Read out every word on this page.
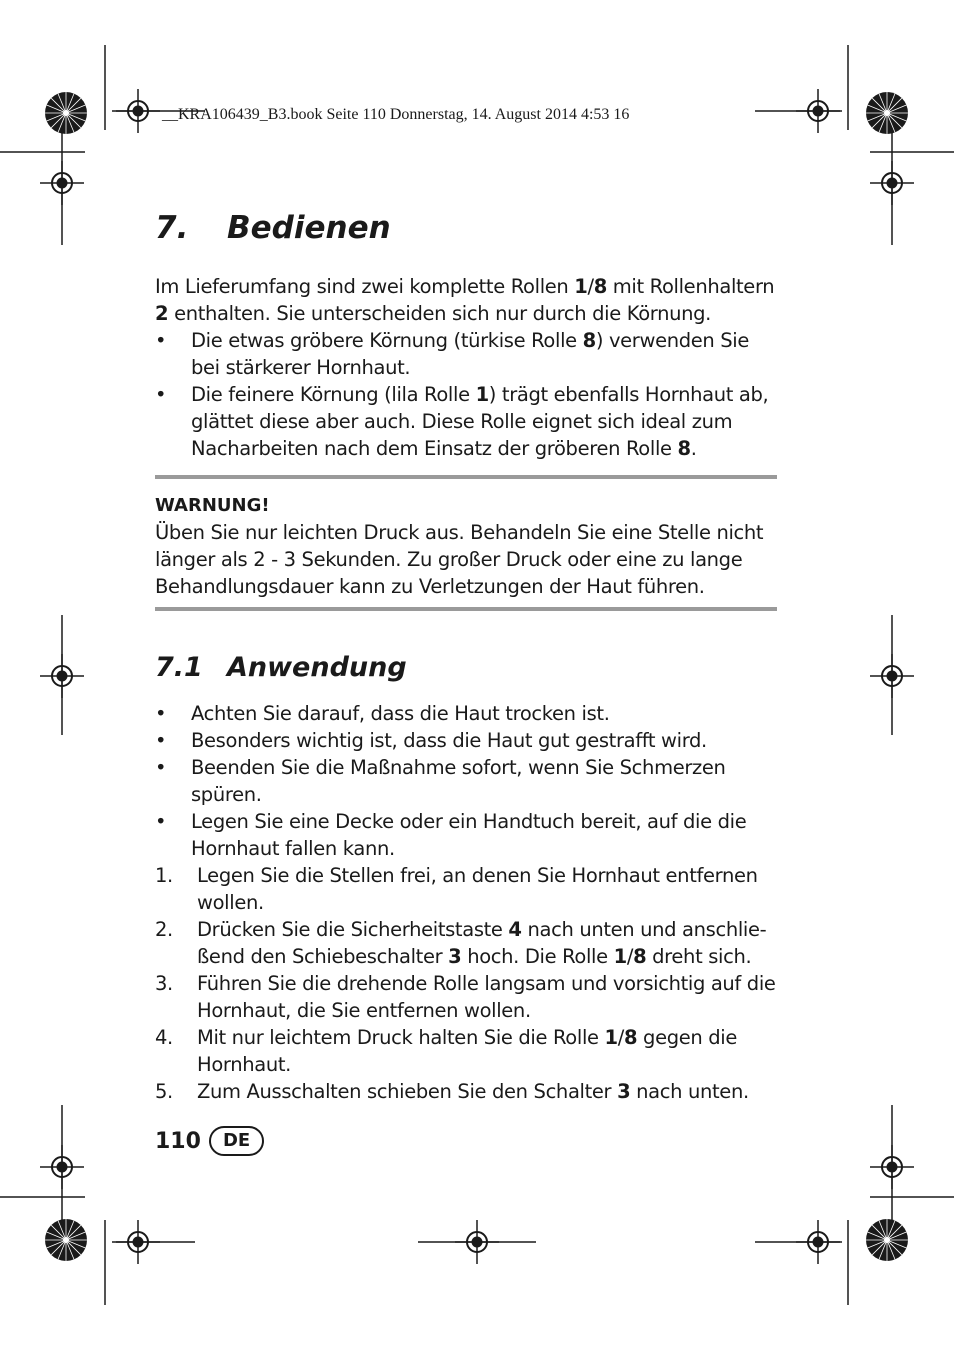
__KRA106439_B3.book Seite 110 Donnerstag, 14. August 2014 4:53 16
7. Bedienen
Im Lieferumfang sind zwei komplette Rollen 1/8 mit Rollenhaltern 2 enthalten. Sie unterscheiden sich nur durch die Körnung.
• Die etwas gröbere Körnung (türkise Rolle 8) verwenden Sie bei stärkerer Hornhaut.
• Die feinere Körnung (lila Rolle 1) trägt ebenfalls Hornhaut ab, glättet diese aber auch. Diese Rolle eignet sich ideal zum Nacharbeiten nach dem Einsatz der gröberen Rolle 8.
WARNUNG!
Üben Sie nur leichten Druck aus. Behandeln Sie eine Stelle nicht länger als 2 - 3 Sekunden. Zu großer Druck oder eine zu lange Behandlungsdauer kann zu Verletzungen der Haut führen.
7.1 Anwendung
• Achten Sie darauf, dass die Haut trocken ist.
• Besonders wichtig ist, dass die Haut gut gestrafft wird.
• Beenden Sie die Maßnahme sofort, wenn Sie Schmerzen spüren.
• Legen Sie eine Decke oder ein Handtuch bereit, auf die die Hornhaut fallen kann.
1. Legen Sie die Stellen frei, an denen Sie Hornhaut entfernen wollen.
2. Drücken Sie die Sicherheitstaste 4 nach unten und anschlie-ßend den Schiebeschalter 3 hoch. Die Rolle 1/8 dreht sich.
3. Führen Sie die drehende Rolle langsam und vorsichtig auf die Hornhaut, die Sie entfernen wollen.
4. Mit nur leichtem Druck halten Sie die Rolle 1/8 gegen die Hornhaut.
5. Zum Ausschalten schieben Sie den Schalter 3 nach unten.
110	DE
